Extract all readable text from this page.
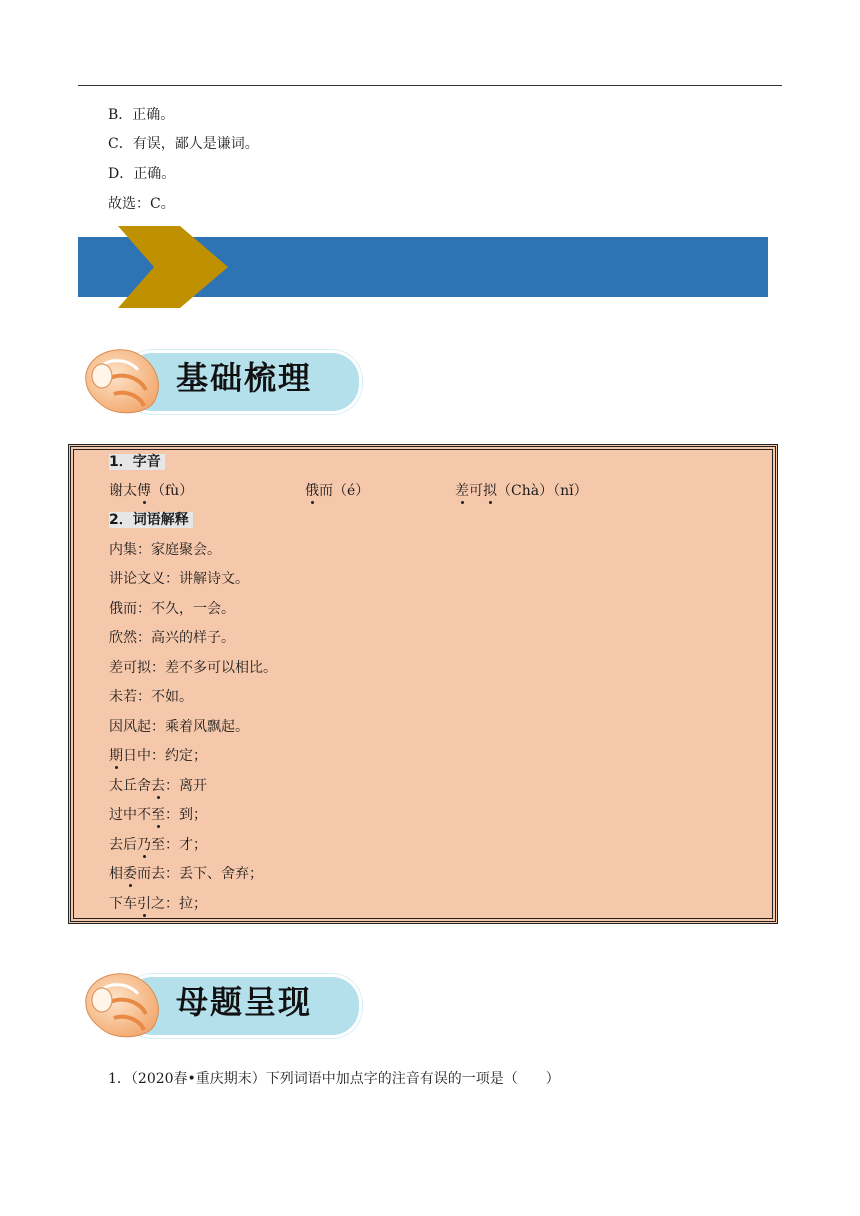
B．正确。
C．有误，鄙人是谦词。
D．正确。
故选：C。
基础梳理
1．字音
谢太傅（fù）	俄而（é）	差可拟（Chà）（nǐ）
2．词语解释
内集：家庭聚会。
讲论文义：讲解诗文。
俄而：不久，一会。
欣然：高兴的样子。
差可拟：差不多可以相比。
未若：不如。
因风起：乘着风飘起。
期日中：约定；
太丘舍去：离开
过中不至：到；
去后乃至：才；
相委而去：丢下、舍弃；
下车引之：拉；
母题呈现
1．（2020春•重庆期末）下列词语中加点字的注音有误的一项是（　　）
